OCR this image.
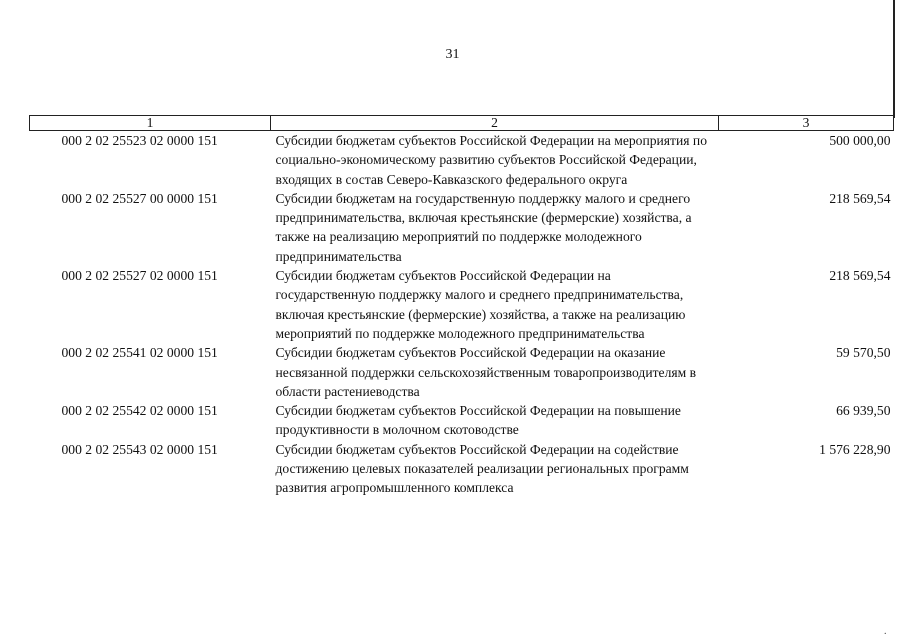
31
.
1	2	3
000 2 02 25523 02 0000 151	Субсидии бюджетам субъектов Российской Федерации на мероприятия по социально-экономическому развитию субъектов Российской Федерации, входящих в состав Северо-Кавказского федерального округа	500 000,00
000 2 02 25527 00 0000 151	Субсидии бюджетам на государственную поддержку малого и среднего предпринимательства, включая крестьянские (фермерские) хозяйства, а также на реализацию мероприятий по поддержке молодежного предпринимательства	218 569,54
000 2 02 25527 02 0000 151	Субсидии бюджетам субъектов Российской Федерации на государственную поддержку малого и среднего предпринимательства, включая крестьянские (фермерские) хозяйства, а также на реализацию мероприятий по поддержке молодежного предпринимательства	218 569,54
000 2 02 25541 02 0000 151	Субсидии бюджетам субъектов Российской Федерации на оказание несвязанной поддержки сельскохозяйственным товаропроизводителям в области растениеводства	59 570,50
000 2 02 25542 02 0000 151	Субсидии бюджетам субъектов Российской Федерации на повышение продуктивности в молочном скотоводстве	66 939,50
000 2 02 25543 02 0000 151	Субсидии бюджетам субъектов Российской Федерации на содействие достижению целевых показателей реализации региональных программ развития агропромышленного комплекса	1 576 228,90
